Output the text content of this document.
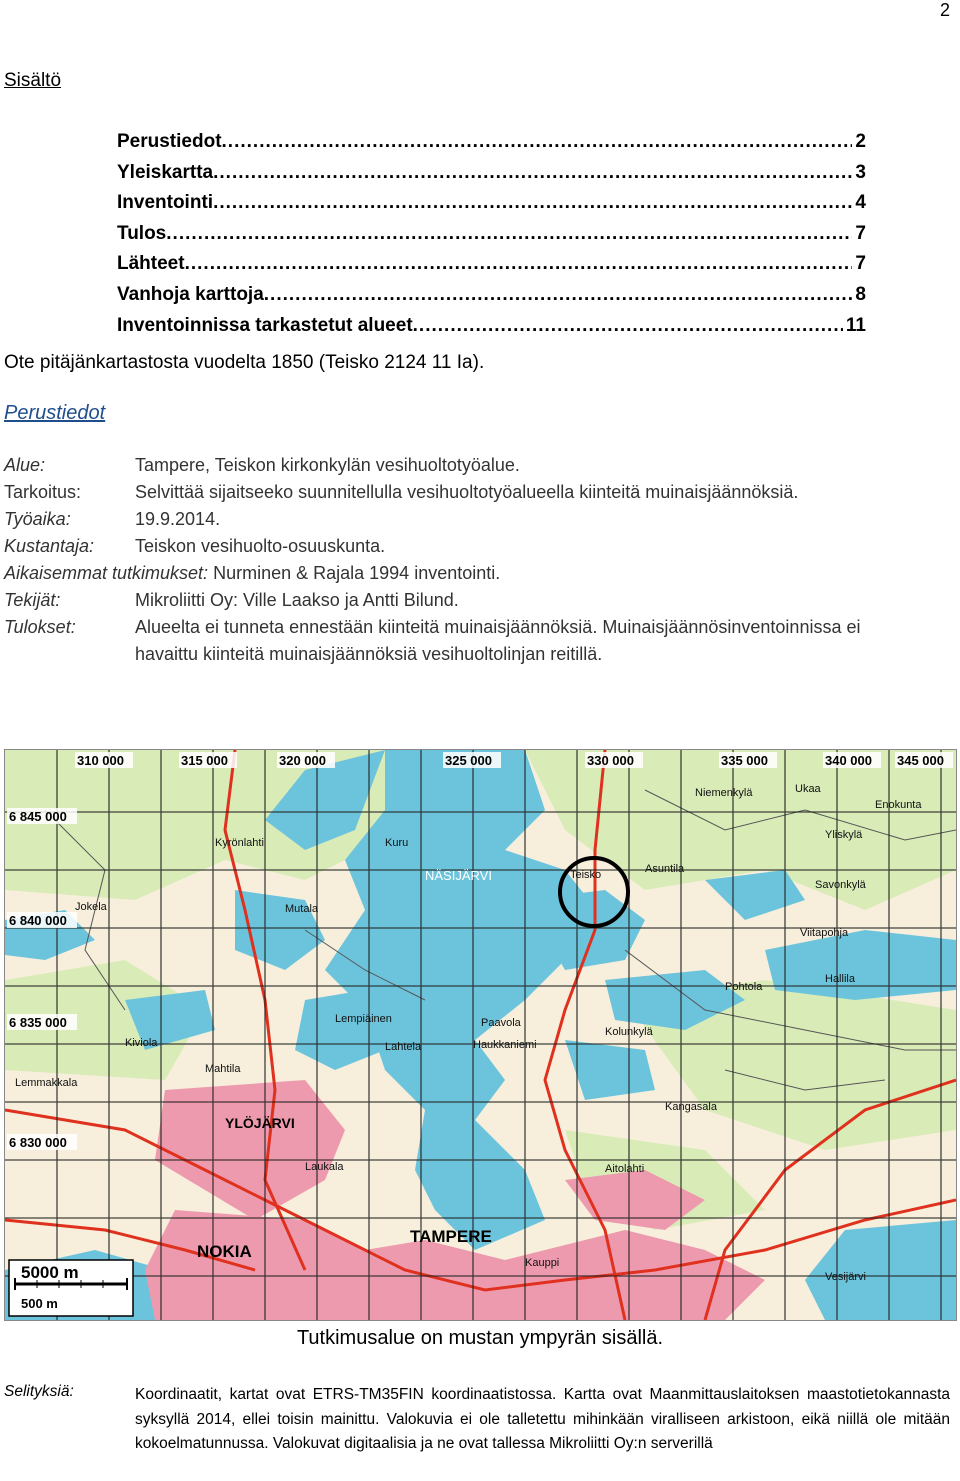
2
Sisältö
Perustiedot .....	2
Yleiskartta .....	3
Inventointi .....	4
Tulos .....	7
Lähteet .....	7
Vanhoja karttoja .....	8
Inventoinnissa tarkastetut alueet .....	11
Ote pitäjänkartastosta vuodelta 1850 (Teisko 2124 11 Ia).
Perustiedot
Alue:	Tampere, Teiskon kirkonkylän vesihuoltotyöalue.
Tarkoitus:	Selvittää sijaitseeko suunnitellulla vesihuoltotyöalueella kiinteitä muinaisjäännöksiä.
Työaika:	19.9.2014.
Kustantaja: Teiskon vesihuolto-osuuskunta.
Aikaisemmat tutkimukset: Nurminen & Rajala 1994 inventointi.
Tekijät:	Mikroliitti Oy: Ville Laakso ja Antti Bilund.
Tulokset:	Alueelta ei tunneta ennestään kiinteitä muinaisjäännöksiä. Muinaisjäännösinventoinnissa ei havaittu kiinteitä muinaisjäännöksiä vesihuoltolinjan reitillä.
310 000	315 000	320 000	325 000	330 000	335 000	340 000 345 000
6 845 000
6 840 000
6 835 000
6 830 000
Kyrönlahti
Teisko	Asuntila
Viitapohja
Savonkylä
Niemenkylä	Ukaa
Enokunta
Yliskylä
Pohtola
Hallila
Mutala
Lempiäinen
Kolunkylä
Paavola
Haukkaniemi
Aitolahti
Vesijärvi
Kauppi
Lemmakkala
Kiviola
Jokela
Mahtila
Lahtela
Kuru
Kangasala
Laukala
NÄSIJÄRVI
NOKIA
TAMPERE
YLÖJÄRVI
5000 m
500 m
Tutkimusalue on mustan ympyrän sisällä.
Selityksiä:	Koordinaatit, kartat ovat ETRS-TM35FIN koordinaatistossa. Kartta ovat Maanmittauslaitoksen maastotietokannasta syksyllä 2014, ellei toisin mainittu. Valokuvia ei ole talletettu mihinkään viralliseen arkistoon, eikä niillä ole mitään kokoelmatunnussa. Valokuvat digitaalisia ja ne ovat tallessa Mikroliitti Oy:n serverillä
